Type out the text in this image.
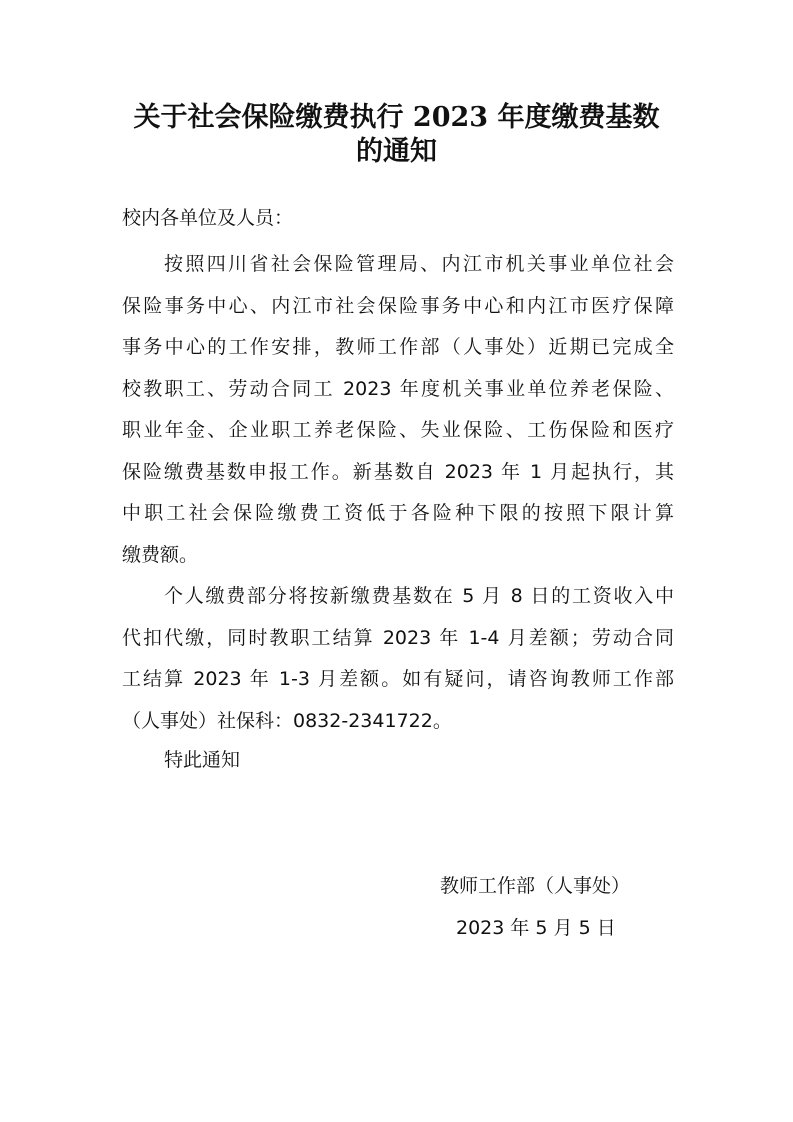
关于社会保险缴费执行 2023 年度缴费基数
的通知
校内各单位及人员：
按照四川省社会保险管理局、内江市机关事业单位社会
保险事务中心、内江市社会保险事务中心和内江市医疗保障
事务中心的工作安排，教师工作部（人事处）近期已完成全
校教职工、劳动合同工 2023 年度机关事业单位养老保险、
职业年金、企业职工养老保险、失业保险、工伤保险和医疗
保险缴费基数申报工作。新基数自 2023 年 1 月起执行，其
中职工社会保险缴费工资低于各险种下限的按照下限计算
缴费额。
个人缴费部分将按新缴费基数在 5 月 8 日的工资收入中
代扣代缴，同时教职工结算 2023 年 1-4 月差额；劳动合同
工结算 2023 年 1-3 月差额。如有疑问，请咨询教师工作部
（人事处）社保科：0832-2341722。
特此通知
教师工作部（人事处）
2023 年 5 月 5 日
